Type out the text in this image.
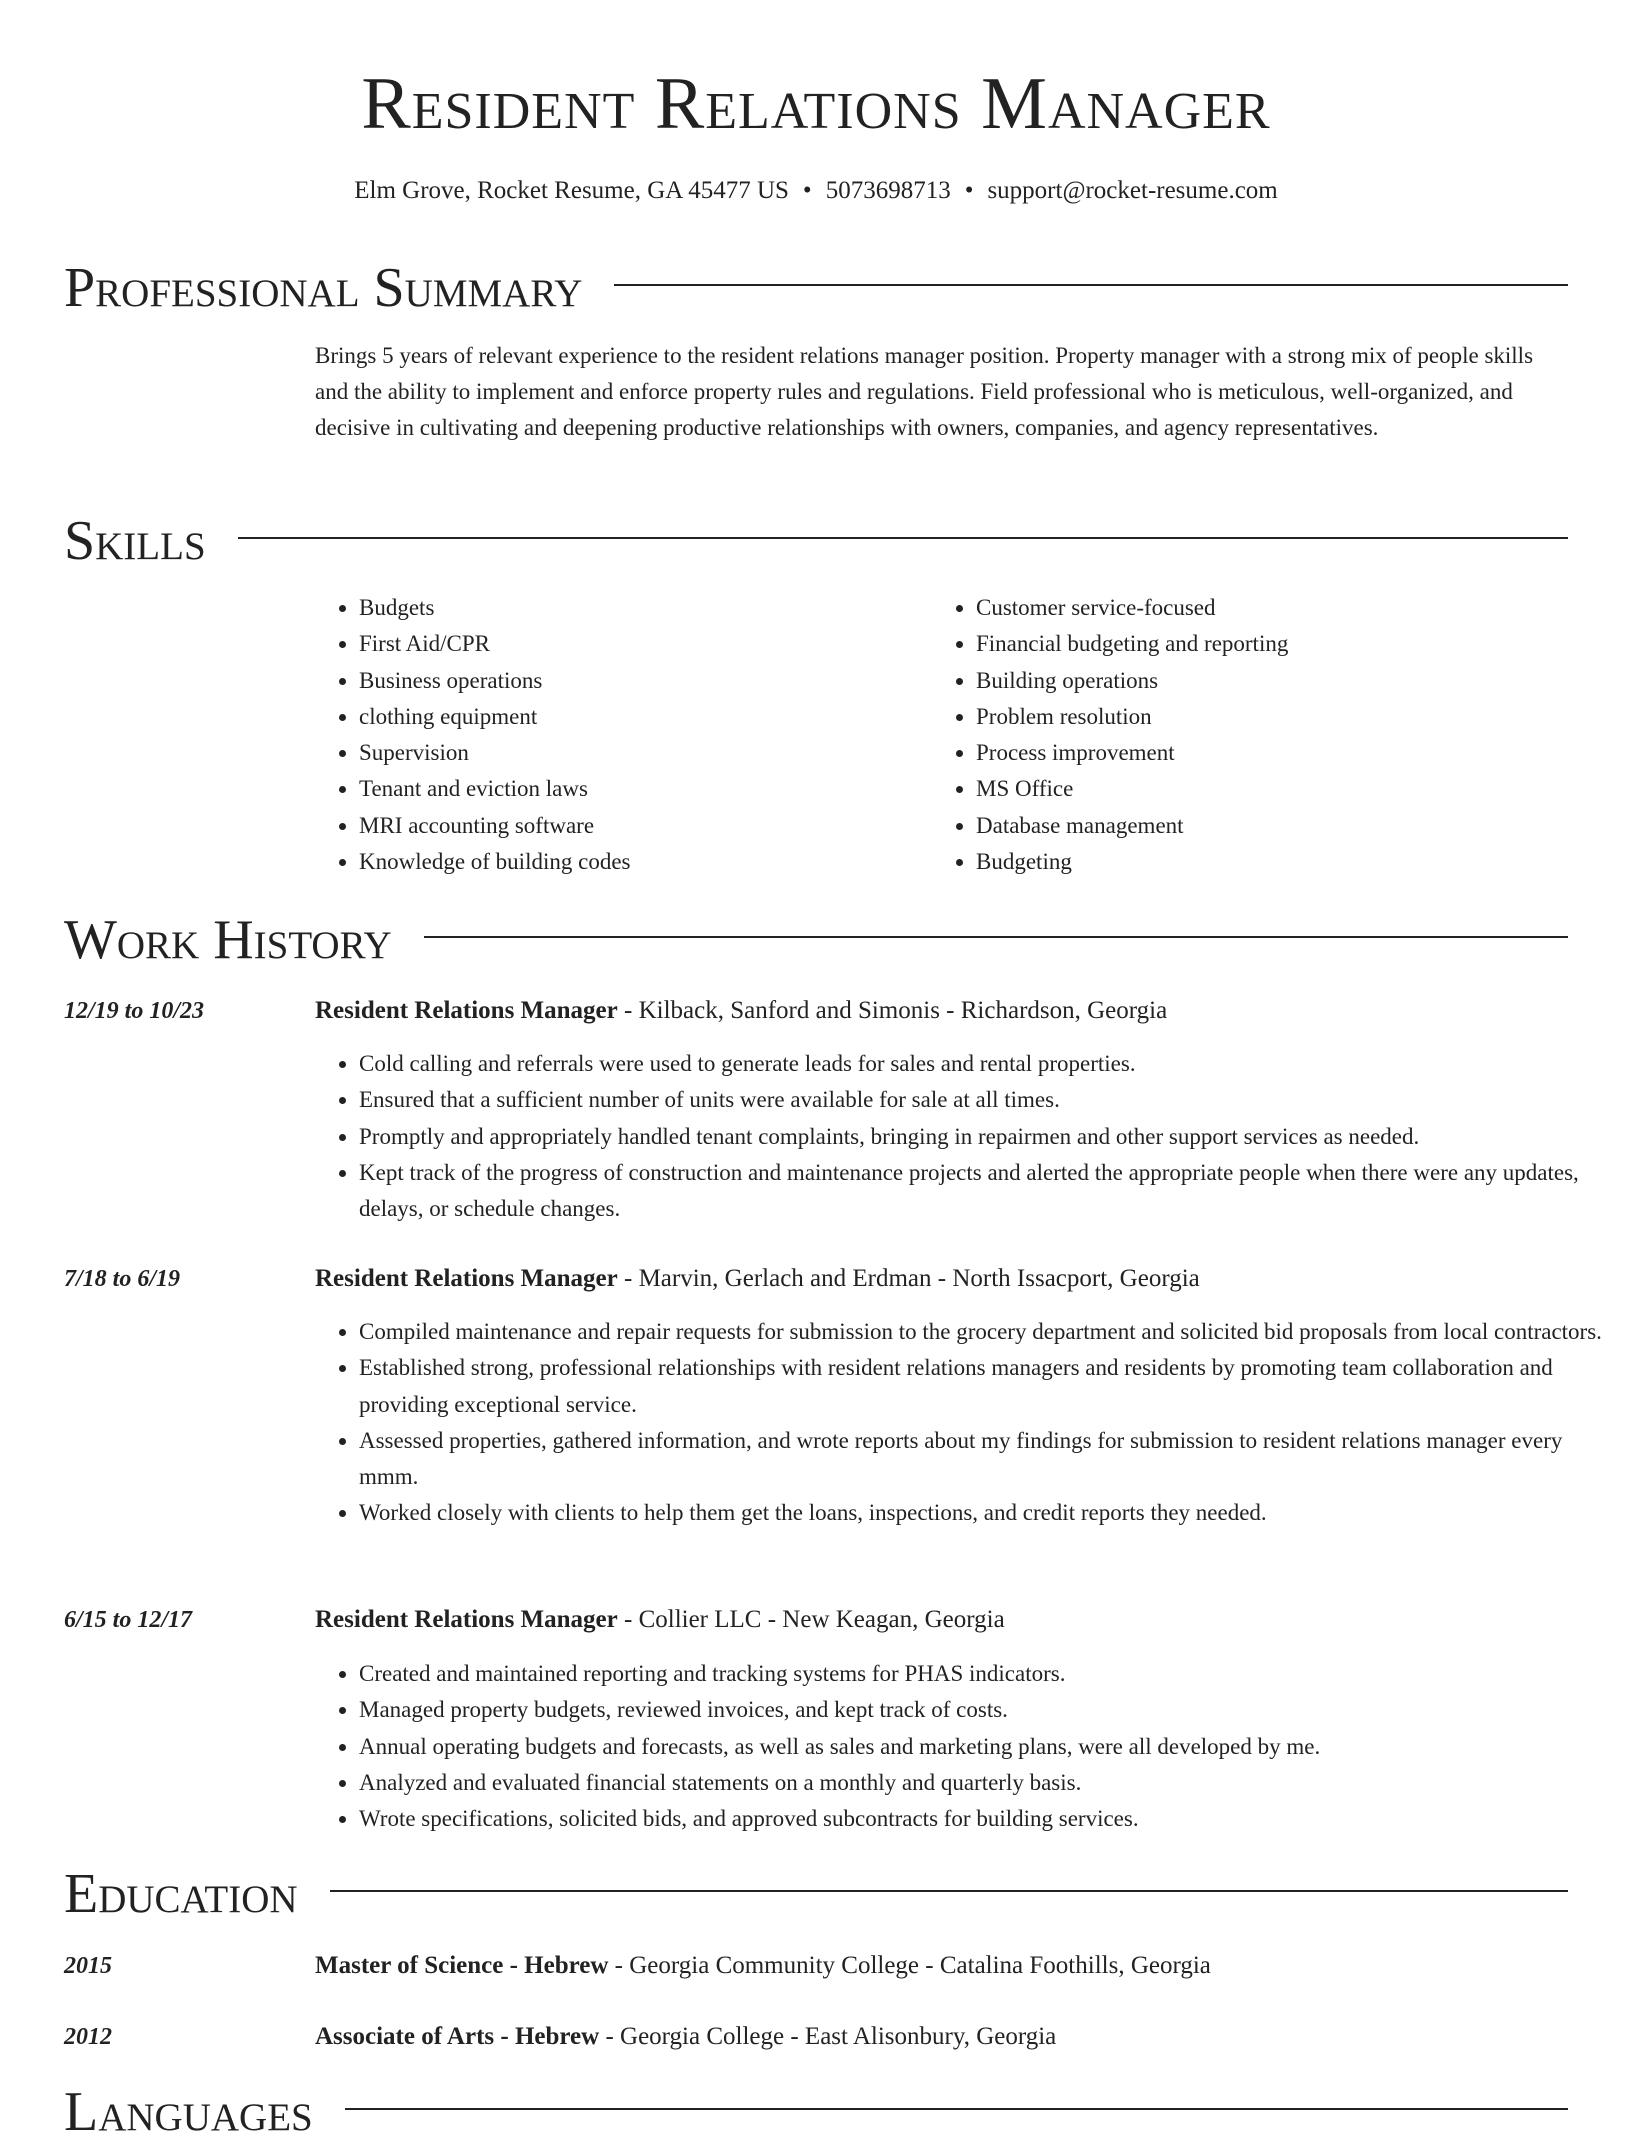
Resident Relations Manager
Elm Grove, Rocket Resume, GA 45477 US • 5073698713 • support@rocket-resume.com
Professional Summary

Brings 5 years of relevant experience to the resident relations manager position. Property manager with a strong mix of people skills and the ability to implement and enforce property rules and regulations. Field professional who is meticulous, well-organized, and decisive in cultivating and deepening productive relationships with owners, companies, and agency representatives.

Skills
• Budgets
• First Aid/CPR
• Business operations
• clothing equipment
• Supervision
• Tenant and eviction laws
• MRI accounting software
• Knowledge of building codes
• Customer service-focused
• Financial budgeting and reporting
• Building operations
• Problem resolution
• Process improvement
• MS Office
• Database management
• Budgeting
Work History
12/19 to 10/23	Resident Relations Manager - Kilback, Sanford and Simonis - Richardson, Georgia
• Cold calling and referrals were used to generate leads for sales and rental properties.
• Ensured that a sufficient number of units were available for sale at all times.
• Promptly and appropriately handled tenant complaints, bringing in repairmen and other support services as needed.
• Kept track of the progress of construction and maintenance projects and alerted the appropriate people when there were any updates, delays, or schedule changes.
7/18 to 6/19	Resident Relations Manager - Marvin, Gerlach and Erdman - North Issacport, Georgia
• Compiled maintenance and repair requests for submission to the grocery department and solicited bid proposals from local contractors.
• Established strong, professional relationships with resident relations managers and residents by promoting team collaboration and providing exceptional service.
• Assessed properties, gathered information, and wrote reports about my findings for submission to resident relations manager every mmm.
• Worked closely with clients to help them get the loans, inspections, and credit reports they needed.
6/15 to 12/17	Resident Relations Manager - Collier LLC - New Keagan, Georgia
• Created and maintained reporting and tracking systems for PHAS indicators.
• Managed property budgets, reviewed invoices, and kept track of costs.
• Annual operating budgets and forecasts, as well as sales and marketing plans, were all developed by me.
• Analyzed and evaluated financial statements on a monthly and quarterly basis.
• Wrote specifications, solicited bids, and approved subcontracts for building services.
Education
2015	Master of Science - Hebrew - Georgia Community College - Catalina Foothills, Georgia
2012	Associate of Arts - Hebrew - Georgia College - East Alisonbury, Georgia
Languages
